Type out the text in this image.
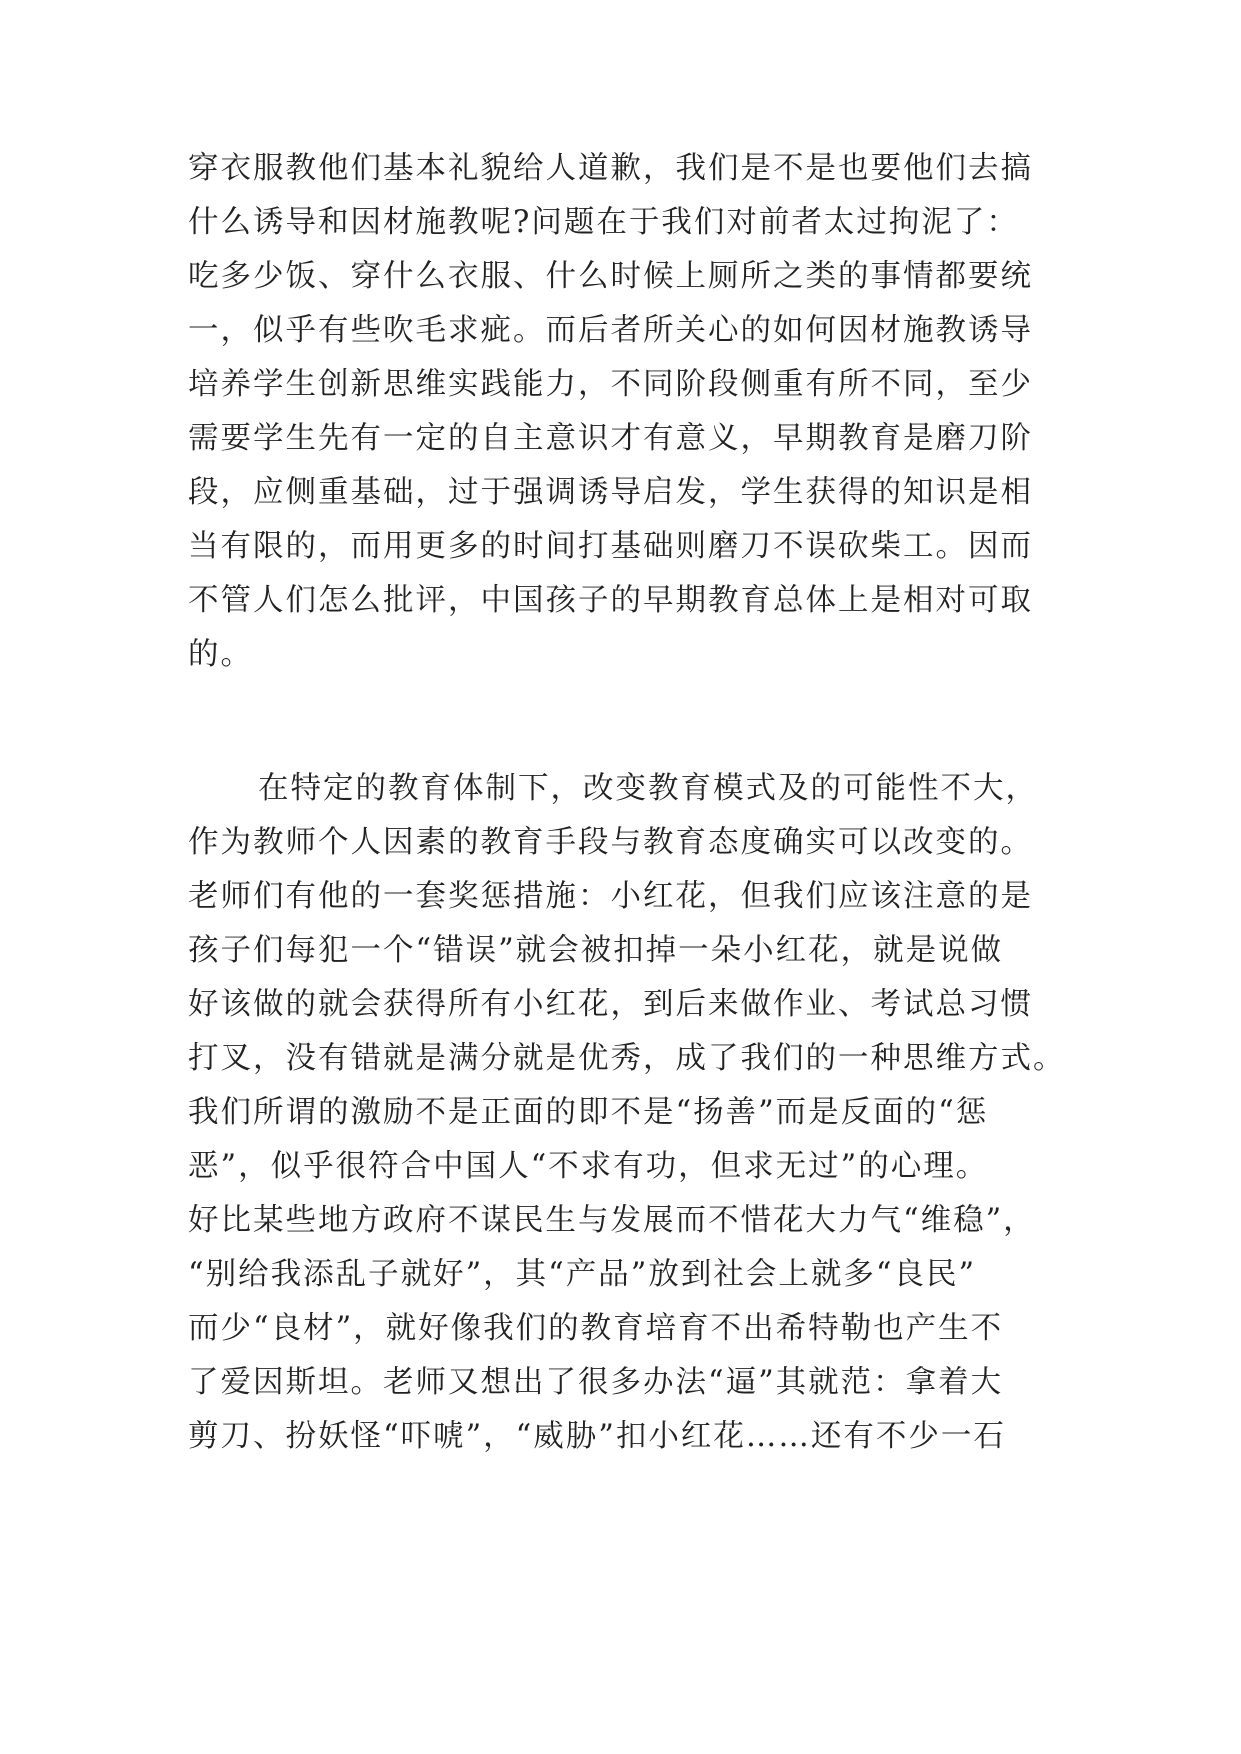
穿衣服教他们基本礼貌给人道歉，我们是不是也要他们去搞

什么诱导和因材施教呢?问题在于我们对前者太过拘泥了：

吃多少饭、穿什么衣服、什么时候上厕所之类的事情都要统

一，似乎有些吹毛求疵。而后者所关心的如何因材施教诱导

培养学生创新思维实践能力，不同阶段侧重有所不同，至少

需要学生先有一定的自主意识才有意义，早期教育是磨刀阶

段，应侧重基础，过于强调诱导启发，学生获得的知识是相

当有限的，而用更多的时间打基础则磨刀不误砍柴工。因而

不管人们怎么批评，中国孩子的早期教育总体上是相对可取

的。

在特定的教育体制下，改变教育模式及的可能性不大，

作为教师个人因素的教育手段与教育态度确实可以改变的。

老师们有他的一套奖惩措施：小红花，但我们应该注意的是

孩子们每犯一个“错误”就会被扣掉一朵小红花，就是说做

好该做的就会获得所有小红花，到后来做作业、考试总习惯

打叉，没有错就是满分就是优秀，成了我们的一种思维方式。

我们所谓的激励不是正面的即不是“扬善”而是反面的“惩

恶”，似乎很符合中国人“不求有功，但求无过”的心理。

好比某些地方政府不谋民生与发展而不惜花大力气“维稳”，

“别给我添乱子就好”，其“产品”放到社会上就多“良民”

而少“良材”，就好像我们的教育培育不出希特勒也产生不

了爱因斯坦。老师又想出了很多办法“逼”其就范：拿着大

剪刀、扮妖怪“吓唬”，“威胁”扣小红花……还有不少一石
